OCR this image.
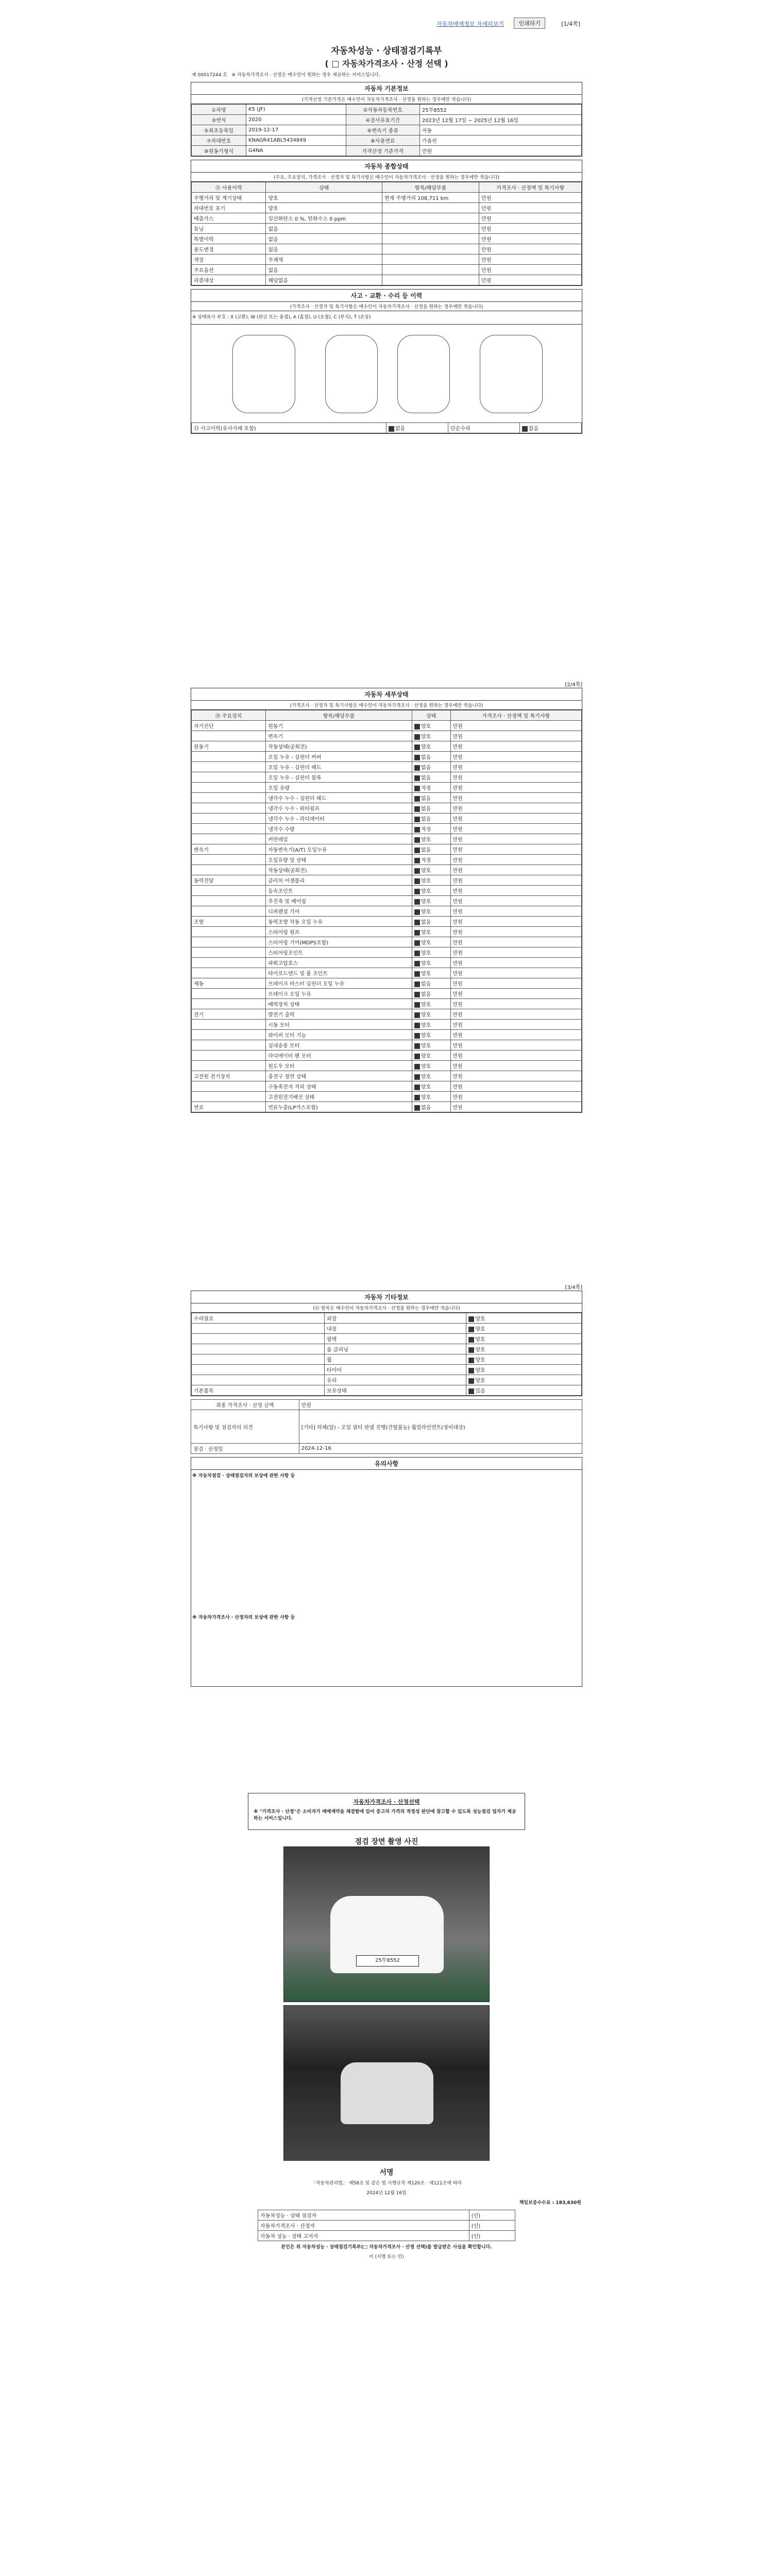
자동차매매정보 자세히보기	인쇄하기	[1/4쪽]
자동차성능 · 상태점검기록부
( □ 자동차가격조사 · 산정 선택 )
제 00017244 호 ※ 자동차가격조사 · 산정은 매수인이 원하는 경우 제공하는 서비스입니다.
자동차 기본정보
(가격산정 기준가격은 매수인이 자동차가격조사 · 산정을 원하는 경우에만 적습니다)
①차명	K5 (JF)	②자동차등록번호	25무8552
③연식	2020	④검사유효기간	2023년 12월 17일 ~ 2025년 12월 16일
⑤최초등록일	2019-12-17	⑥변속기 종류	자동
⑦차대번호	KNAGR41ABL5434849	⑧사용연료	가솔린
⑨원동기형식	G4NA	가격산정 기준가격	만원
자동차 종합상태
(주요, 주요장치, 가격조사 · 산정자 및 특기사항은 매수인이 자동차가격조사 · 산정을 원하는 경우에만 적습니다)
⑪ 사용이력	상태	항목/해당부품	가격조사 · 산정액 및 특기사항
주행거리 및 계기상태	양호	현재 주행거리 108,711 km	만원
차대번호 표기	양호		만원
배출가스	일산화탄소 0 %, 탄화수소 0 ppm		만원
튜닝	없음		만원
특별이력	없음		만원
용도변경	없음		만원
색상	무채색		만원
주요옵션	없음		만원
리콜대상	해당없음		만원
사고 · 교환 · 수리 등 이력
(가격조사 · 산정자 및 특기사항은 매수인이 자동차가격조사 · 산정을 원하는 경우에만 적습니다)
※ 상태표시 부호 : X (교환), W (판금 또는 용접), A (흠집), U (요철), C (부식), T (손상)
⑬ 사고이력(유사사례 포함)	없음	단순수리	없음
[2/4쪽]
자동차 세부상태
(가격조사 · 산정자 및 특기사항은 매수인이 자동차가격조사 · 산정을 원하는 경우에만 적습니다)
⑭ 주요장치	항목/해당부품	상태	가격조사 · 산정액 및 특기사항
자기진단	원동기	양호	만원
	변속기	양호	만원
원동기	작동상태(공회전)	양호	만원
	오일 누유 - 실린더 커버	없음	만원
	오일 누유 - 실린더 헤드	없음	만원
	오일 누유 - 실린더 블록	없음	만원
	오일 유량	적정	만원
	냉각수 누수 - 실린더 헤드	없음	만원
	냉각수 누수 - 워터펌프	없음	만원
	냉각수 누수 - 라디에이터	없음	만원
	냉각수 수량	적정	만원
	커먼레일	양호	만원
변속기	자동변속기(A/T) 오일누유	없음	만원
	오일유량 및 상태	적정	만원
	작동상태(공회전)	양호	만원
동력전달	클러치 어셈블리	양호	만원
	등속조인트	양호	만원
	추진축 및 베어링	양호	만원
	디퍼렌셜 기어	양호	만원
조향	동력조향 작동 오일 누유	없음	만원
	스티어링 펌프	양호	만원
	스티어링 기어(MDPS포함)	양호	만원
	스티어링조인트	양호	만원
	파워고압호스	양호	만원
	타이로드엔드 및 볼 조인트	양호	만원
제동	브레이크 마스터 실린더 오일 누유	없음	만원
	브레이크 오일 누유	없음	만원
	배력장치 상태	양호	만원
전기	발전기 출력	양호	만원
	시동 모터	양호	만원
	와이퍼 모터 기능	양호	만원
	실내송풍 모터	양호	만원
	라디에이터 팬 모터	양호	만원
	윈도우 모터	양호	만원
고전원 전기장치	충전구 절연 상태	양호	만원
	구동축전지 격리 상태	양호	만원
	고전원전기배선 상태	양호	만원
연료	연료누출(LP가스포함)	없음	만원
[3/4쪽]
자동차 기타정보
(⑮ 항목은 매수인이 자동차가격조사 · 산정을 원하는 경우에만 적습니다)
수리필요	외장	양호
	내장	양호
	광택	양호
	룸 클리닝	양호
	휠	양호
	타이어	양호
	유리	양호
기본품목	보유상태	있음
최종 가격조사 · 산정 금액	만원
특기사항 및 점검자의 의견	[기타] 하체(앞) - 오일 필터 판넬 진행(간헐불능) 휠얼라인먼트(정비대상)
점검 · 산정일	2024-12-16
유의사항
※ 자동차점검 · 상태점검자의 보상에 관한 사항 등
※ 자동차가격조사 · 산정자의 보상에 관한 사항 등
자동차가격조사 · 산정선택
※ "가격조사 · 산정"은 소비자가 매매계약을 체결함에 있어 중고차 가격의 적정성 판단에 참고할 수 있도록 성능점검 업자가 제공하는 서비스입니다.
점검 장면 촬영 사진
25무8552
서명
「자동차관리법」 제58조 및 같은 법 시행규칙 제120조 · 제121조에 따라
2024년 12월 16일
책임보증수수료 : 183,630원
자동차성능 · 상태 점검자	(인)
자동차가격조사 · 산정자	(인)
자동차 성능 · 상태 고지자	(인)
본인은 위 자동차성능 · 상태점검기록부(□ 자동차가격조사 · 산정 선택)를 발급받은 사실을 확인합니다.
이 (서명 또는 인)
